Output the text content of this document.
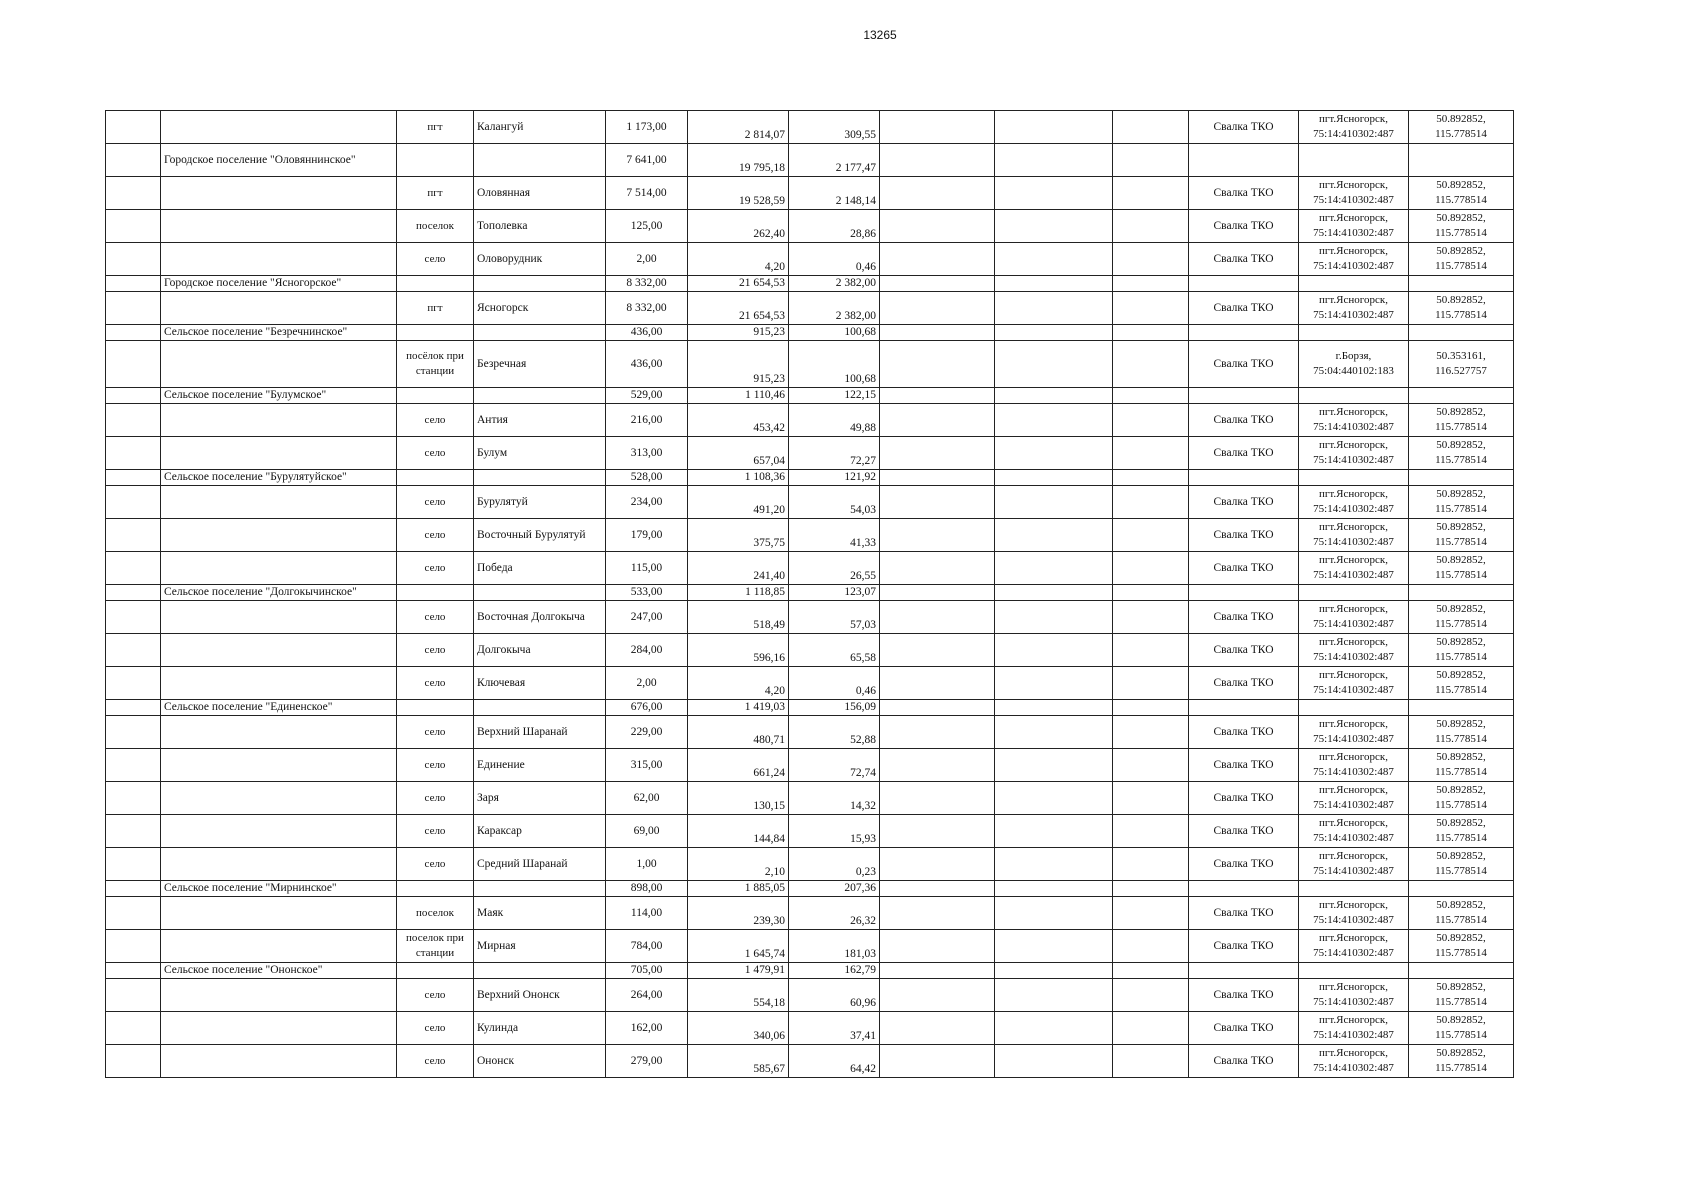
13265
		пгт	Калангуй	1 173,00	2 814,07	309,55				Свалка ТКО	пгт.Ясногорск, 75:14:410302:487	50.892852, 115.778514
	Городское поселение "Оловяннинское"			7 641,00	19 795,18	2 177,47						
		пгт	Оловянная	7 514,00	19 528,59	2 148,14				Свалка ТКО	пгт.Ясногорск, 75:14:410302:487	50.892852, 115.778514
		поселок	Тополевка	125,00	262,40	28,86				Свалка ТКО	пгт.Ясногорск, 75:14:410302:487	50.892852, 115.778514
		село	Оловорудник	2,00	4,20	0,46				Свалка ТКО	пгт.Ясногорск, 75:14:410302:487	50.892852, 115.778514
	Городское поселение "Ясногорское"			8 332,00	21 654,53	2 382,00						
		пгт	Ясногорск	8 332,00	21 654,53	2 382,00				Свалка ТКО	пгт.Ясногорск, 75:14:410302:487	50.892852, 115.778514
	Сельское поселение "Безречнинское"			436,00	915,23	100,68						
		посёлок при станции	Безречная	436,00	915,23	100,68				Свалка ТКО	г.Борзя, 75:04:440102:183	50.353161, 116.527757
	Сельское поселение "Булумское"			529,00	1 110,46	122,15						
		село	Антия	216,00	453,42	49,88				Свалка ТКО	пгт.Ясногорск, 75:14:410302:487	50.892852, 115.778514
		село	Булум	313,00	657,04	72,27				Свалка ТКО	пгт.Ясногорск, 75:14:410302:487	50.892852, 115.778514
	Сельское поселение "Бурулятуйское"			528,00	1 108,36	121,92						
		село	Бурулятуй	234,00	491,20	54,03				Свалка ТКО	пгт.Ясногорск, 75:14:410302:487	50.892852, 115.778514
		село	Восточный Бурулятуй	179,00	375,75	41,33				Свалка ТКО	пгт.Ясногорск, 75:14:410302:487	50.892852, 115.778514
		село	Победа	115,00	241,40	26,55				Свалка ТКО	пгт.Ясногорск, 75:14:410302:487	50.892852, 115.778514
	Сельское поселение "Долгокычинское"			533,00	1 118,85	123,07						
		село	Восточная Долгокыча	247,00	518,49	57,03				Свалка ТКО	пгт.Ясногорск, 75:14:410302:487	50.892852, 115.778514
		село	Долгокыча	284,00	596,16	65,58				Свалка ТКО	пгт.Ясногорск, 75:14:410302:487	50.892852, 115.778514
		село	Ключевая	2,00	4,20	0,46				Свалка ТКО	пгт.Ясногорск, 75:14:410302:487	50.892852, 115.778514
	Сельское поселение "Единенское"			676,00	1 419,03	156,09						
		село	Верхний Шаранай	229,00	480,71	52,88				Свалка ТКО	пгт.Ясногорск, 75:14:410302:487	50.892852, 115.778514
		село	Единение	315,00	661,24	72,74				Свалка ТКО	пгт.Ясногорск, 75:14:410302:487	50.892852, 115.778514
		село	Заря	62,00	130,15	14,32				Свалка ТКО	пгт.Ясногорск, 75:14:410302:487	50.892852, 115.778514
		село	Караксар	69,00	144,84	15,93				Свалка ТКО	пгт.Ясногорск, 75:14:410302:487	50.892852, 115.778514
		село	Средний Шаранай	1,00	2,10	0,23				Свалка ТКО	пгт.Ясногорск, 75:14:410302:487	50.892852, 115.778514
	Сельское поселение "Мирнинское"			898,00	1 885,05	207,36						
		поселок	Маяк	114,00	239,30	26,32				Свалка ТКО	пгт.Ясногорск, 75:14:410302:487	50.892852, 115.778514
		поселок при станции	Мирная	784,00	1 645,74	181,03				Свалка ТКО	пгт.Ясногорск, 75:14:410302:487	50.892852, 115.778514
	Сельское поселение "Ононское"			705,00	1 479,91	162,79						
		село	Верхний Ононск	264,00	554,18	60,96				Свалка ТКО	пгт.Ясногорск, 75:14:410302:487	50.892852, 115.778514
		село	Кулинда	162,00	340,06	37,41				Свалка ТКО	пгт.Ясногорск, 75:14:410302:487	50.892852, 115.778514
		село	Ононск	279,00	585,67	64,42				Свалка ТКО	пгт.Ясногорск, 75:14:410302:487	50.892852, 115.778514
